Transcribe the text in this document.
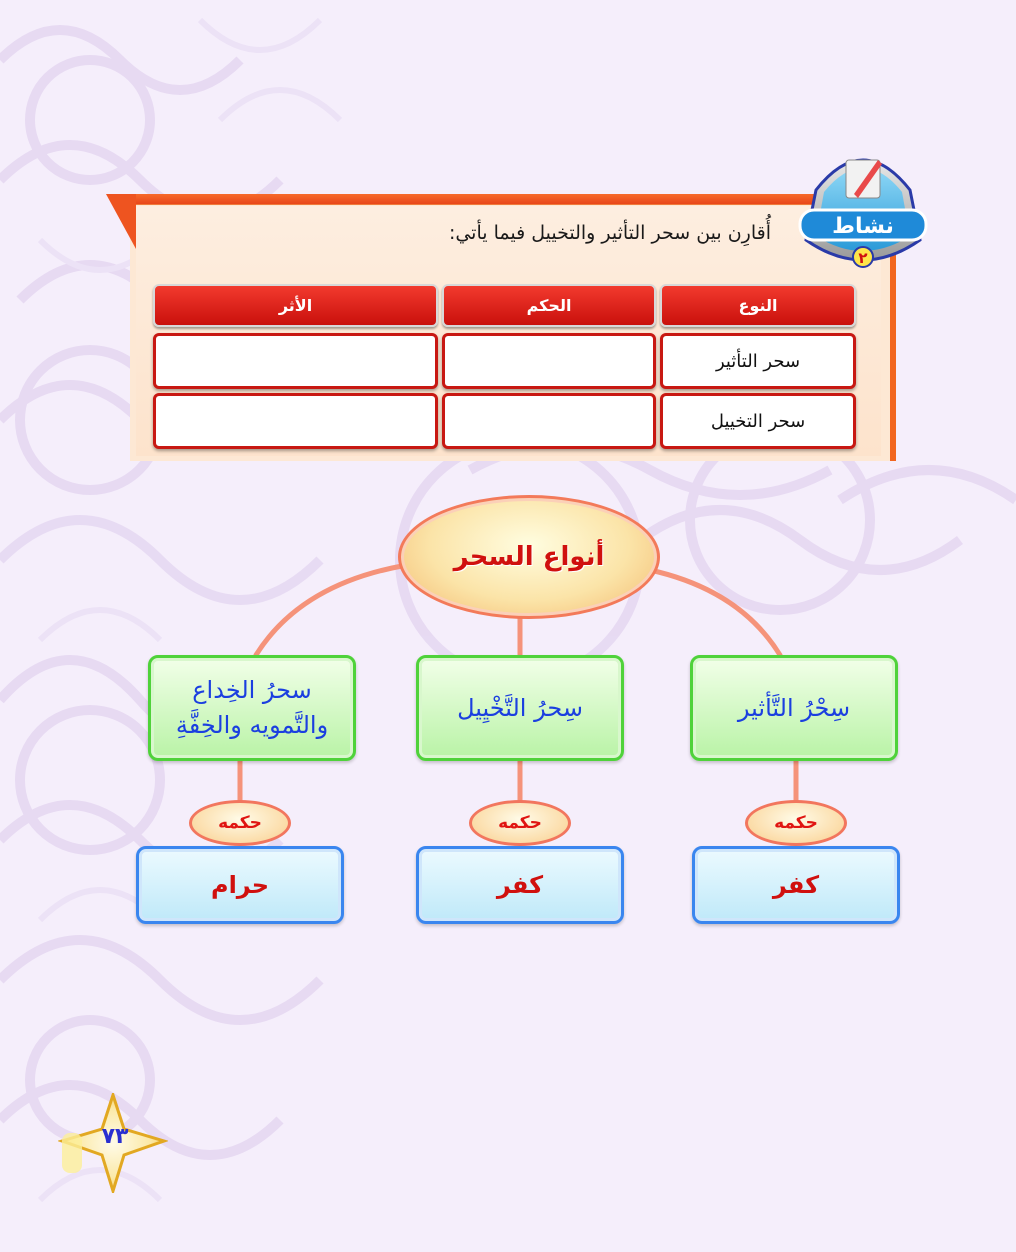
أُقارِن بين سحر التأثير والتخييل فيما يأتي:	نشاط
٢
النوع
الحكم
الأثر
سحر التأثير
سحر التخييل
أنواع السحر
سِحْرُ التَّأثير
حكمه
كفر
سِحرُ التَّخْيِيل
حكمه
كفر
سحرُ الخِداع
والتَّمويه والخِفَّةِ
حكمه
حرام
٧٣
